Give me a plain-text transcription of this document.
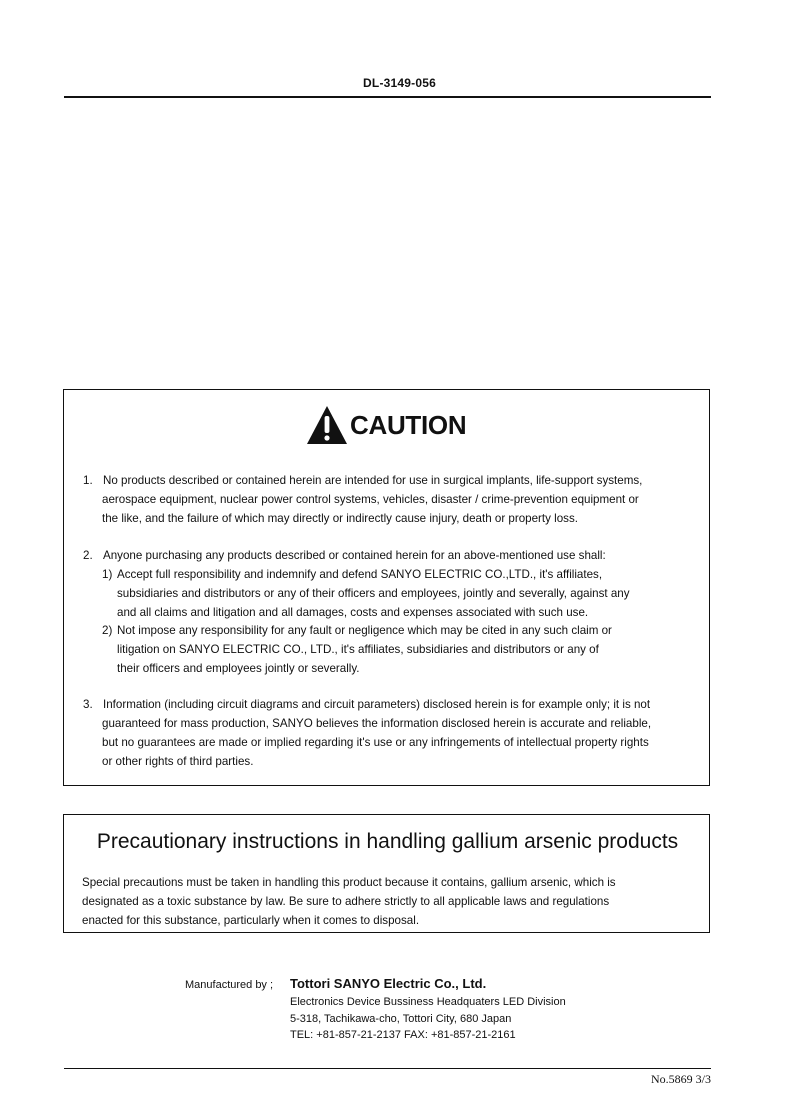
DL-3149-056
CAUTION
1. No products described or contained herein are intended for use in surgical implants, life-support systems,
aerospace equipment, nuclear power control systems, vehicles, disaster / crime-prevention equipment or
the like, and the failure of which may directly or indirectly cause injury, death or property loss.
2. Anyone purchasing any products described or contained herein for an above-mentioned use shall:
1) Accept full responsibility and indemnify and defend SANYO ELECTRIC CO.,LTD., it's affiliates,
subsidiaries and distributors or any of their officers and employees, jointly and severally, against any
and all claims and litigation and all damages, costs and expenses associated with such use.
2) Not impose any responsibility for any fault or negligence which may be cited in any such claim or
litigation on SANYO ELECTRIC CO., LTD., it's affiliates, subsidiaries and distributors or any of
their officers and employees jointly or severally.
3. Information (including circuit diagrams and circuit parameters) disclosed herein is for example only; it is not
guaranteed for mass production, SANYO believes the information disclosed herein is accurate and reliable,
but no guarantees are made or implied regarding it's use or any infringements of intellectual property rights
or other rights of third parties.
Precautionary instructions in handling gallium arsenic products
Special precautions must be taken in handling this product because it contains, gallium arsenic, which is
designated as a toxic substance by law. Be sure to adhere strictly to all applicable laws and regulations
enacted for this substance, particularly when it comes to disposal.
Manufactured by ; Tottori SANYO Electric Co., Ltd.
Electronics Device Bussiness Headquaters LED Division
5-318, Tachikawa-cho, Tottori City, 680 Japan
TEL: +81-857-21-2137 FAX: +81-857-21-2161
No.5869 3/3
